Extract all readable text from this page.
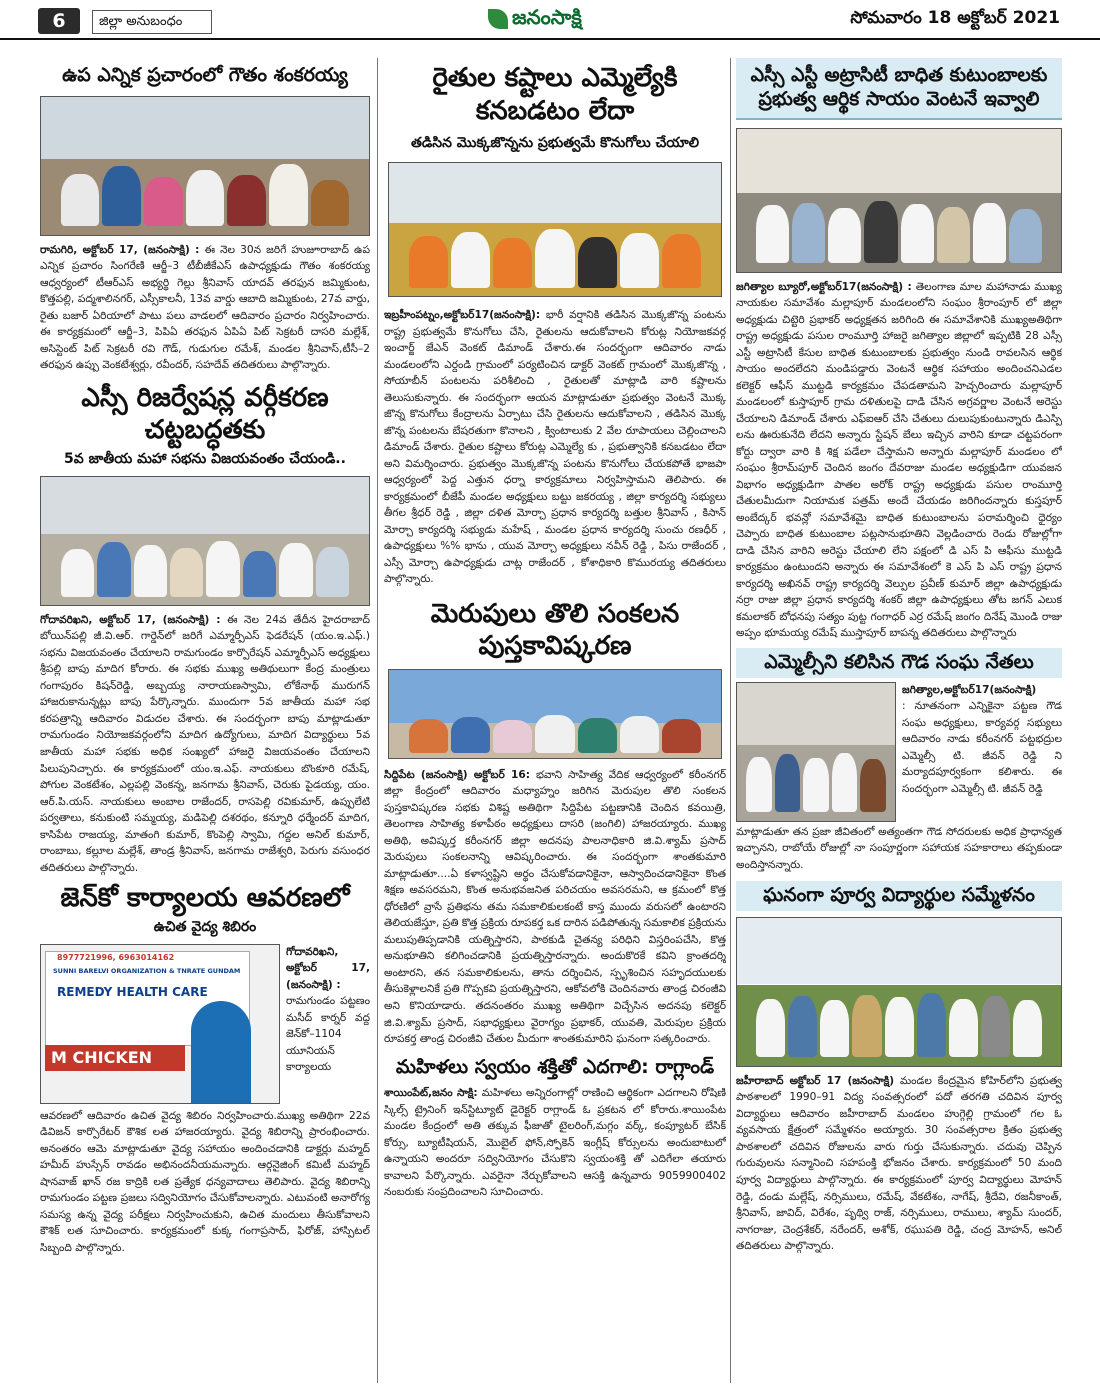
6	జిల్లా అనుబంధం	జనంసాక్షి	సోమవారం 18 అక్టోబర్ 2021
ఉప ఎన్నిక ప్రచారంలో గౌతం శంకరయ్య

రామగిరి, అక్టోబర్ 17, (జనంసాక్షి) : ఈ నెల 30న జరిగే హుజూరాబాద్ ఉప ఎన్నిక ప్రచారం సింగరేణి ఆర్జీ–3 టీబీజీకేఎస్ ఉపాధ్యక్షుడు గౌతం శంకరయ్య ఆధ్వర్యంలో టీఆర్ఎస్ అభ్యర్థి గెల్లు శ్రీనివాస్ యాదవ్ తరఫున జమ్మికుంట, కొత్తపల్లి, పద్మశాలినగర్, ఎస్సీకాలనీ, 13వ వార్డు ఆబాది జమ్మికుంట, 27వ వార్డు, రైతు బజార్ ఏరియాలో పాటు పలు వాడలలో ఆదివారం ప్రచారం నిర్వహించారు. ఈ కార్యక్రమంలో ఆర్జీ–3, పిపిఏ తరఫున ఏపిఏ పిట్ సెక్రటరీ దాసరి మల్లేశ్, అసిస్టెంట్ పిట్ సెక్రటరీ రవి గౌడ్, గుడుగుల రమేశ్, మండల శ్రీనివాస్,టీసీ–2 తరఫున ఉప్పు వెంకటేశ్వర్లు, రవీందర్, సహదేవ్ తదితరులు పాల్గొన్నారు.

ఎస్సీ రిజర్వేషన్ల వర్గీకరణ
చట్టబద్ధతకు
5వ జాతీయ మహా సభను విజయవంతం చేయండి..

గోదావరిఖని, అక్టోబర్ 17, (జనంసాక్షి) : ఈ నెల 24వ తేదీన హైదరాబాద్ బోయిన్‌పల్లి జీ.వి.ఆర్. గార్డెన్‌లో జరిగే ఎమ్మార్పీఎస్ ఫెడరేషన్ (యం.ఇ.ఎఫ్.) సభను విజయవంతం చేయాలని రామగుండం కార్పొరేషన్ ఎమ్మార్పీఎస్ అధ్యక్షులు శ్రీపల్లి బాపు మాదిగ కోరారు. ఈ సభకు ముఖ్య అతిథులుగా కేంద్ర మంత్రులు గంగాపురం కిషన్‌రెడ్డి, అబ్బయ్య నారాయణస్వామి, లోకేనాథ్ మురుగన్ హాజరుకానున్నట్లు బాపు పేర్కొన్నారు. ముందుగా 5వ జాతీయ మహా సభ కరపత్రాన్ని ఆదివారం విడుదల చేశారు. ఈ సందర్భంగా బాపు మాట్లాడుతూ రామగుండం నియోజకవర్గంలోని మాదిగ ఉద్యోగులు, మాదిగ విద్యార్థులు 5వ జాతీయ మహా సభకు అధిక సంఖ్యలో హాజరై విజయవంతం చేయాలని పిలుపునిచ్చారు. ఈ కార్యక్రమంలో యం.ఇ.ఎఫ్. నాయకులు బొంకూరి రమేష్, పోగుల వెంకటేశం, ఎల్లపల్లి వెంకన్న, జనగామ శ్రీనివాస్, చెరుకు పైడయ్య, యం. ఆర్.పి.యస్. నాయకులు అంబాల రాజేందర్, రాసపెల్లి రవికుమార్, ఉప్పులేటి పర్వతాలు, కనుకుంటి సమ్మయ్య, మడిపెల్లి దశరథం, కన్నూరి ధర్మేందర్ మాదిగ, కాసిపేట రాజయ్య, మాతంగి కుమార్, కొంపెల్లి స్వామి, గద్దల అనిల్ కుమార్, రాంబాబు, కల్లూల మల్లేశ్, తాండ్ర శ్రీనివాస్, జనగామ రాజేశ్వరి, పెరుగు వసుంధర తదితరులు పాల్గొన్నారు.

జెన్‌కో కార్యాలయ ఆవరణలో
ఉచిత వైద్య శిబిరం
8977721996, 6963014162
SUNNI BARELVI ORGANIZATION & TNRATE GUNDAM
REMEDY HEALTH CARE
M CHICKEN
గోదావరిఖని, అక్టోబర్ 17, (జనంసాక్షి) :
రామగుండం పట్టణం మసీద్ కార్నర్ వద్ద జెన్‌కో–1104 యూనియన్ కార్యాలయ

ఆవరణలో ఆదివారం ఉచిత వైద్య శిబిరం నిర్వహించారు.ముఖ్య అతిథిగా 22వ డివిజన్ కార్పొరేటర్ కౌశిక లత హాజరయ్యారు. వైద్య శిబిరాన్ని ప్రారంభించారు. అనంతరం ఆమె మాట్లాడుతూ వైద్య సహాయం అందించడానికి డాక్టర్లు మహ్మద్ హమీద్ హుస్సేన్ రావడం అభినందనీయమన్నారు. ఆర్గనైజింగ్ కమిటీ మహ్మద్ షానవాజ్ ఖాన్ రజ కాద్రికి లత ప్రత్యేక ధన్యవాదాలు తెలిపారు. వైద్య శిబిరాన్ని రామగుండం పట్టణ ప్రజలు సద్వినియోగం చేసుకోవాలన్నారు. ఎటువంటి అనారోగ్య సమస్య ఉన్న వైద్య పరీక్షలు నిర్వహించుకుని, ఉచిత మందులు తీసుకోవాలని కౌశిక్ లత సూచించారు. కార్యక్రమంలో కుక్క గంగాప్రసాద్, ఫిరోజ్, హాస్పిటల్ సిబ్బంది పాల్గొన్నారు.

రైతుల కష్టాలు ఎమ్మెల్యేకి
కనబడటం లేదా
తడిసిన మొక్కజొన్నను ప్రభుత్వమే కొనుగోలు చేయాలి

ఇబ్రహీంపట్నం,అక్టోబర్17(జనంసాక్షి): భారీ వర్షానికి తడిసిన మొక్కజొన్న పంటను రాష్ట్ర ప్రభుత్వమే కొనుగోలు చేసి, రైతులను ఆదుకోవాలని కోరుట్ల నియోజకవర్గ ఇంచార్జ్ జేఎన్ వెంకట్ డిమాండ్ చేశారు.ఈ సందర్భంగా ఆదివారం నాడు మండలంలోని ఎర్దండి గ్రామంలో పర్యటించిన డాక్టర్ వెంకట్ గ్రామంలో మొక్కజొన్న , సోయాబీన్ పంటలను పరిశీలించి , రైతులతో మాట్లాడి వారి కష్టాలను తెలుసుకున్నారు. ఈ సందర్భంగా ఆయన మాట్లాడుతూ ప్రభుత్వం వెంటనే మొక్క జొన్న కొనుగోలు కేంద్రాలను ఏర్పాటు చేసి రైతులను ఆదుకోవాలని , తడిసిన మొక్క జొన్న పంటలను బేషరతుగా కొనాలని , క్వింటాలుకు 2 వేల రూపాయలు చెల్లించాలని డిమాండ్ చేశారు. రైతుల కష్టాలు కోరుట్ల ఎమ్మెల్యే కు , ప్రభుత్వానికి కనబడటం లేదా అని విమర్శించారు. ప్రభుత్వం మొక్కజొన్న పంటను కొనుగోలు చేయకపోతే భాజపా ఆధ్వర్యంలో పెద్ద ఎత్తున ధర్నా కార్యక్రమాలు నిర్వహిస్తామని తెలిపారు. ఈ కార్యక్రమంలో బీజేపీ మండల అధ్యక్షులు బట్టు జకరయ్య , జిల్లా కార్యదర్శి సభ్యులు తీగల శ్రీధర్ రెడ్డి , జిల్లా దళిత మోర్చా ప్రధాన కార్యదర్శి బత్తుల శ్రీనివాస్ , కిసాన్ మోర్చా కార్యదర్శి సభ్యుడు మహేష్ , మండల ప్రధాన కార్యదర్శి సుంచు రణధీర్ , ఉపాధ్యక్షులు %% భాను , యువ మోర్చా అధ్యక్షులు నవీన్ రెడ్డి , పిసు రాజేందర్ , ఎస్సీ మోర్చా ఉపాధ్యక్షుడు చాట్ల రాజేందర్ , కోశాధికారి కొమురయ్య తదితరులు పాల్గొన్నారు.

మెరుపులు తొలి సంకలన
పుస్తకావిష్కరణ

సిద్దిపేట (జనంసాక్షి) అక్టోబర్ 16: భవాని సాహిత్య వేదిక ఆధ్వర్యంలో కరీంనగర్ జిల్లా కేంద్రంలో ఆదివారం మధ్యాహ్నం జరిగిన మెరుపుల తొలి సంకలన పుస్తకావిష్కరణ సభకు విశిష్ట అతిథిగా సిద్దిపేట పట్టణానికి చెందిన కవయిత్రి, తెలంగాణ సాహిత్య కళాపీఠం అధ్యక్షులు దాసరి (జంగిలి) హాజరయ్యారు. ముఖ్య అతిథి, అవిష్కర్త కరీంనగర్ జిల్లా అదనపు పాలనాధికారి జి.వి.శ్యామ్ ప్రసాద్ మెరుపులు సంకలనాన్ని ఆవిష్కరించారు. ఈ సందర్భంగా శాంతకుమారి మాట్లాడుతూ....ఏ కళాస్వష్టిని అర్థం చేసుకోవడానికైనా, ఆస్వాదించడానికైనా కొంత శిక్షణ అవసరమని, కొంత అనుభవజనిత పరిచయం అవసరమని, ఆ క్రమంలో కొత్త ధోరణిలో వ్రాసే ప్రతిభను తమ సమకాలికులకంటే కాస్త ముందు వరుసలో ఉంటారని తెలియజేస్తూ, ప్రతి కొత్త ప్రక్రియ రూపకర్త ఒక దారిన పడిపోతున్న సమకాలిక ప్రక్రియను మలుపుతిప్పడానికి యత్నిస్తారని, పాఠకుడి చైతన్య పరిధిని విస్తరింపచేసి, కొత్త అనుభూతిని కలిగించడానికి ప్రయత్నిస్తారన్నారు. అందుకొరకే కవిని క్రాంతదర్శి అంటారని, తన సమకాలికులను, తాను దర్శించిన, స్పృశించిన సహృదయులకు తీసుకెళ్లాలనికే ప్రతి గొప్పకవి ప్రయత్నిస్తారని, ఆకోవలోకి చెందినవారు తాండ్ర చిరంజీవి అని కొనియాడారు. తదనంతరం ముఖ్య అతిథిగా విచ్చేసిన అదనపు కలెక్టర్ జి.వి.శ్యామ్ ప్రసాద్, సభాధ్యక్షులు వైరాగ్యం ప్రభాకర్, యువతి, మెరుపుల ప్రక్రియ రూపకర్త తాండ్ర చిరంజీవి చేతుల మీదుగా శాంతకుమారిని ఘనంగా సత్కరించారు.

మహిళలు స్వయం శక్తితో ఎదగాలి: రాగ్లాండ్

శాయింపేట్,జనం సాక్షి: మహిళలు అన్నిరంగాల్లో రాణించి ఆర్థికంగా ఎదగాలని రోషిణి స్కిల్స్ ట్రైనింగ్ ఇన్‌స్టిట్యూట్ డైరెక్టర్ రాగ్లాండ్ ఓ ప్రకటన లో కోరారు.శాయింపేట మండల కేంద్రంలో అతి తక్కువ ఫీజుతో టైలరింగ్,మగ్గం వర్క్, కంప్యూటర్ బేసిక్ కోర్సు, బ్యూటీషియన్, మొబైల్ ఫోన్,స్పోకెన్ ఇంగ్లీష్ కోర్సులను అందుబాటులో ఉన్నాయని అందరూ సద్వినియోగం చేసుకొని స్వయంశక్తి తో ఎదిగేలా తయారు కావాలని పేర్కొన్నారు. ఎవరైనా నేర్చుకోవాలని ఆసక్తి ఉన్నవారు 9059900402 నంబరుకు సంప్రదించాలని సూచించారు.

ఎస్సీ ఎస్టీ అట్రాసిటీ బాధిత కుటుంబాలకు
ప్రభుత్వ ఆర్థిక సాయం వెంటనే ఇవ్వాలి

జగిత్యాల బ్యూరో,అక్టోబర్17(జనంసాక్షి) : తెలంగాణ మాల మహానాడు ముఖ్య నాయకుల సమావేశం మల్లాపూర్ మండలంలోని సంఘం శ్రీరాంపూర్ లో జిల్లా అధ్యక్షుడు చిట్టెరి ప్రభాకర్ అధ్యక్షతన జరిగింది ఈ సమావేశానికి ముఖ్యఅతిథిగా రాష్ట్ర అధ్యక్షుడు పసుల రాంమూర్తి హాజరై జగిత్యాల జిల్లాలో ఇప్పటికి 28 ఎస్సీ ఎస్టీ అట్రాసిటీ కేసుల బాధిత కుటుంబాలకు ప్రభుత్వం నుండి రావలసిన ఆర్థిక సాయం అందలేదని మండిపడ్డారు వెంటనే ఆర్థిక సహాయం అందించనిఎడల కలెక్టర్ ఆఫీస్ ముట్టడి కార్యక్రమం చేపడతామని హెచ్చరించారు మల్లాపూర్ మండలంలో కుస్తాపూర్ గ్రామ దళితులపై దాడి చేసిన అగ్రవర్ణాల వెంటనే అరెస్టు చేయాలని డిమాండ్ చేశారు ఎఫ్ఐఆర్ చేసి చేతులు దులుపుకుంటున్నారు డిఎస్పి లను ఊరుకునేది లేదని అన్నారు స్టేషన్ బేలు ఇచ్చిన వారిని కూడా చట్టపరంగా కోర్టు ద్వారా వారి కి శిక్ష పడేలా చేస్తామని అన్నారు మల్లాపూర్ మండలం లో సంఘం శ్రీరామ్‌పూర్ చెందిన జంగం దేవరాజు మండల అధ్యక్షుడిగా యువజన విభాగం అధ్యక్షుడిగా పాతల అరోక్ రాష్ట్ర అధ్యక్షుడు పసుల రాంమూర్తి చేతులమీదుగా నియామక పత్రమ్ అందే చేయడం జరిగిందన్నారు కుస్తపూర్ అంబేద్కర్ భవన్లో సమావేశమై బాధిత కుటుంబాలను పరామర్శించి ధైర్యం చెప్పారు బాధిత కుటుంబాల పట్లసానుభూతిని వెల్లడించారు రెండు రోజుల్లోగా దాడి చేసిన వారిని అరెస్టు చేయాలి లేని పక్షంలో డి ఎస్ పి ఆఫీసు ముట్టడి కార్యక్రమం ఉంటుందని అన్నారు ఈ సమావేశంలో కె ఎస్ పి ఎస్ రాష్ట్ర ప్రధాన కార్యదర్శి అఖినవ్ రాష్ట్ర కార్యదర్శి వెల్పుల ప్రవీణ్ కుమార్ జిల్లా ఉపాధ్యక్షుడు నర్రా రాజు జిల్లా ప్రధాన కార్యదర్శి శంకర్ జిల్లా ఉపాధ్యక్షులు తోట జగన్ ఎలుక కమలాకర్ బోధనపు సత్యం పుట్ట గంగాధర్ ఎర్ర రమేష్ జంగం దినేష్ మొండి రాజు అప్పం భూమయ్య రమేష్ ముస్తాపూర్ బాపన్న తదితరులు పాల్గొన్నారు

ఎమ్మెల్సీని కలిసిన గౌడ సంఘ నేతలు
జగిత్యాల,అక్టోబర్17(జనంసాక్షి)
: నూతనంగా ఎన్నికైనా పట్టణ గౌడ సంఘ అధ్యక్షులు, కార్యవర్గ సభ్యులు ఆదివారం నాడు కరీంనగర్ పట్టభద్రుల ఎమ్మెల్సీ టి. జీవన్ రెడ్డి ని మర్యాదపూర్వకంగా కలిశారు. ఈ సందర్భంగా ఎమ్మెల్సీ టి. జీవన్ రెడ్డి

మాట్లాడుతూ తన ప్రజా జీవితంలో అత్యంతగా గౌడ సోదరులకు అధిక ప్రాధాన్యత ఇచ్చానని, రాబోయే రోజుల్లో నా సంపూర్ణంగా సహాయక సహకారాలు తప్పకుండా అందిస్తానన్నారు.

ఘనంగా పూర్వ విద్యార్థుల సమ్మేళనం

జహీరాబాద్ అక్టోబర్ 17 (జనంసాక్షి) మండల కేంద్రమైన కోహిర్‌లోని ప్రభుత్వ పాఠశాలలో 1990–91 విద్య సంవత్సరంలో పదో తరగతి చదివిన పూర్వ విద్యార్థులు ఆదివారం జహీరాబాద్ మండలం హుగ్గెల్లి గ్రామంలో గల ఓ వ్యవసాయ క్షేత్రంలో సమ్మేళనం అయ్యారు. 30 సంవత్సరాల క్రితం ప్రభుత్వ పాఠశాలలో చదివిన రోజులను వారు గుర్తు చేసుకున్నారు. చదువు చెప్పిన గురువులను సన్మానించి సహపంక్తి భోజనం చేశారు. కార్యక్రమంలో 50 మంది పూర్వ విద్యార్థులు పాల్గొన్నారు. ఈ కార్యక్రమంలో పూర్వ విద్యార్థులు మోహన్ రెడ్డి, దండు మల్లేష్, నర్సిములు, రమేష్, వేకటేశం, నాగేష్, శ్రీదేవి, రజనీకాంత్, శ్రీనివాస్, జావిద్, విరేశం, పృథ్వి రాజ్, నర్సిములు, రాములు, శ్యామ్ సుందర్, నాగరాజు, చెంద్రశేకర్, నరేందర్, అశోక్, రఘుపతి రెడ్డి, చంద్ర మోహన్, అనిల్ తదితరులు పాల్గొన్నారు.
